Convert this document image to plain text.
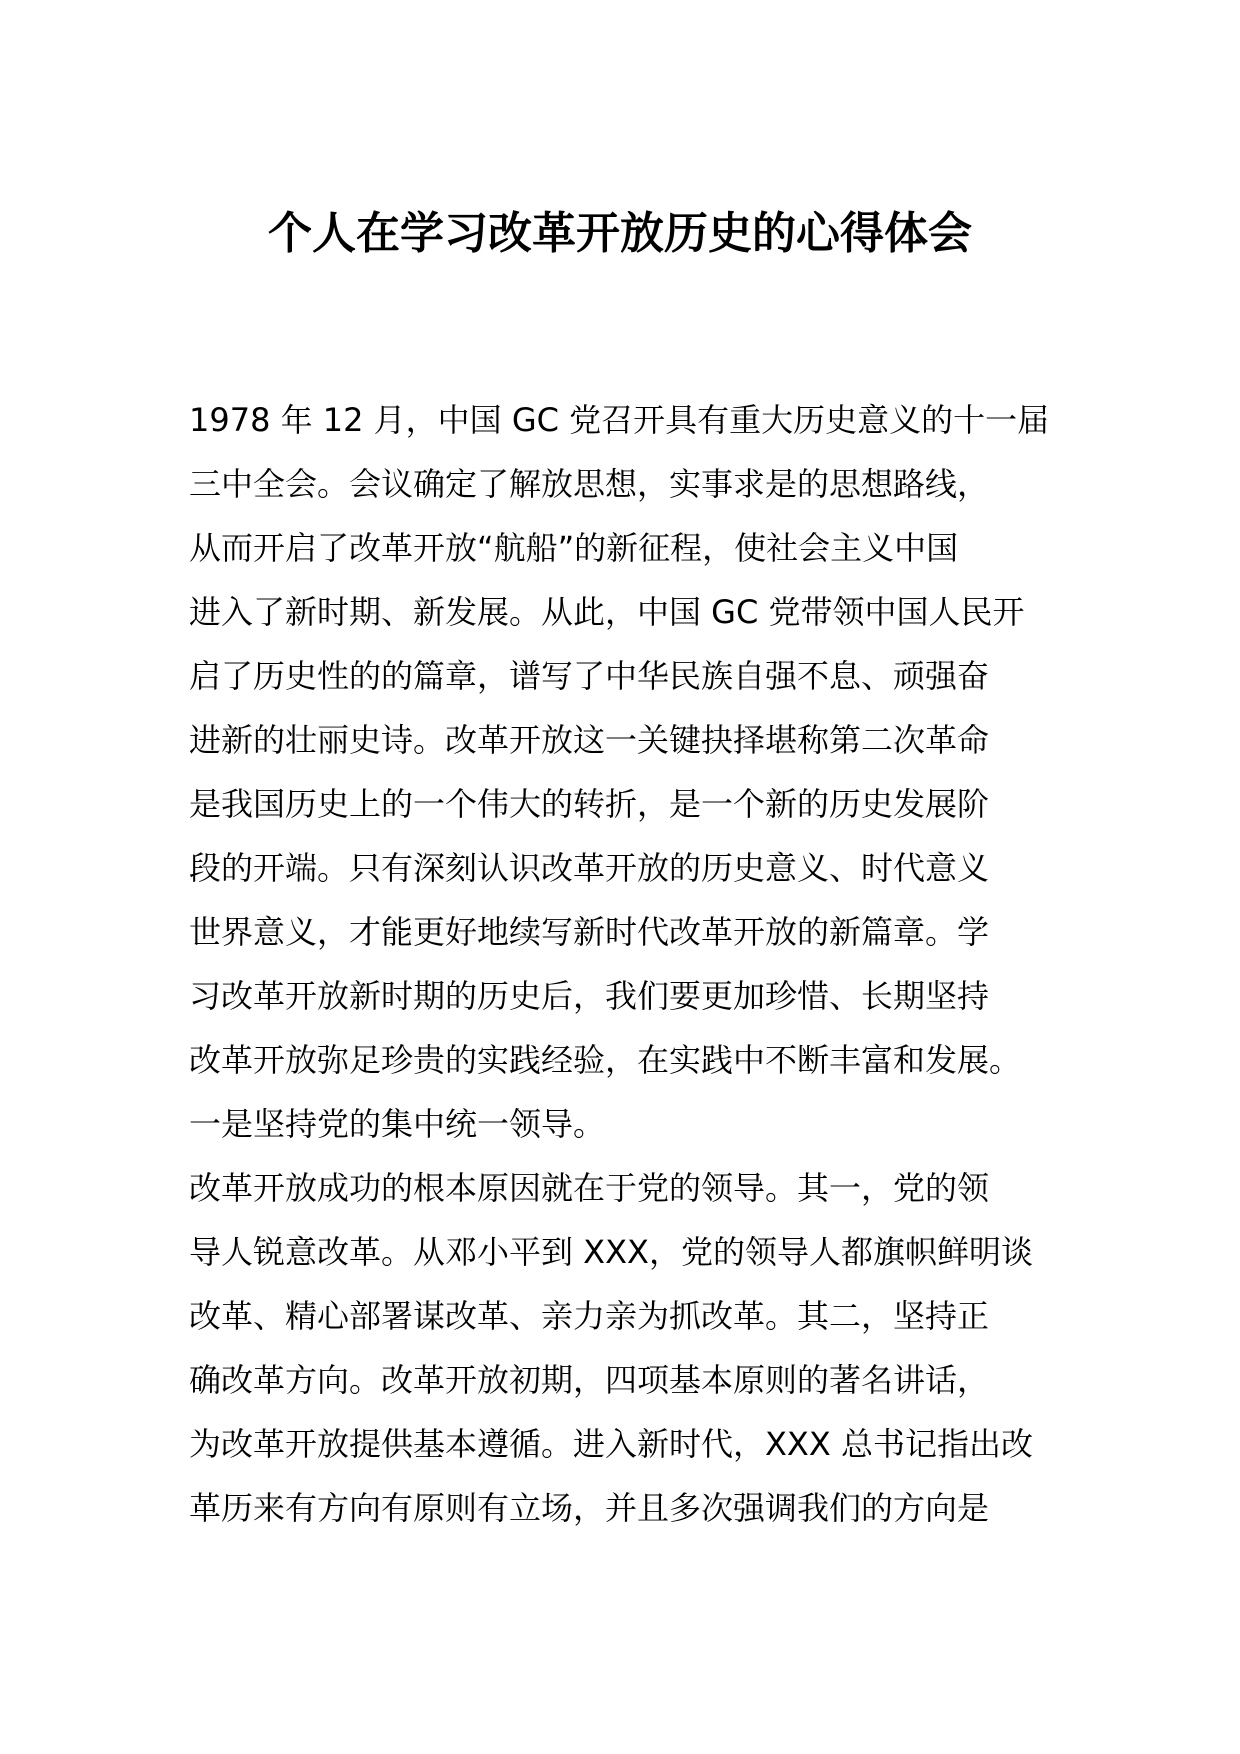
个人在学习改革开放历史的心得体会
1978 年 12 月，中国 GC 党召开具有重大历史意义的十一届
三中全会。会议确定了解放思想，实事求是的思想路线，
从而开启了改革开放“航船”的新征程，使社会主义中国
进入了新时期、新发展。从此，中国 GC 党带领中国人民开
启了历史性的的篇章，谱写了中华民族自强不息、顽强奋
进新的壮丽史诗。改革开放这一关键抉择堪称第二次革命
是我国历史上的一个伟大的转折，是一个新的历史发展阶
段的开端。只有深刻认识改革开放的历史意义、时代意义
世界意义，才能更好地续写新时代改革开放的新篇章。学
习改革开放新时期的历史后，我们要更加珍惜、长期坚持
改革开放弥足珍贵的实践经验，在实践中不断丰富和发展。
一是坚持党的集中统一领导。
改革开放成功的根本原因就在于党的领导。其一，党的领
导人锐意改革。从邓小平到 XXX，党的领导人都旗帜鲜明谈
改革、精心部署谋改革、亲力亲为抓改革。其二，坚持正
确改革方向。改革开放初期，四项基本原则的著名讲话，
为改革开放提供基本遵循。进入新时代，XXX 总书记指出改
革历来有方向有原则有立场，并且多次强调我们的方向是
